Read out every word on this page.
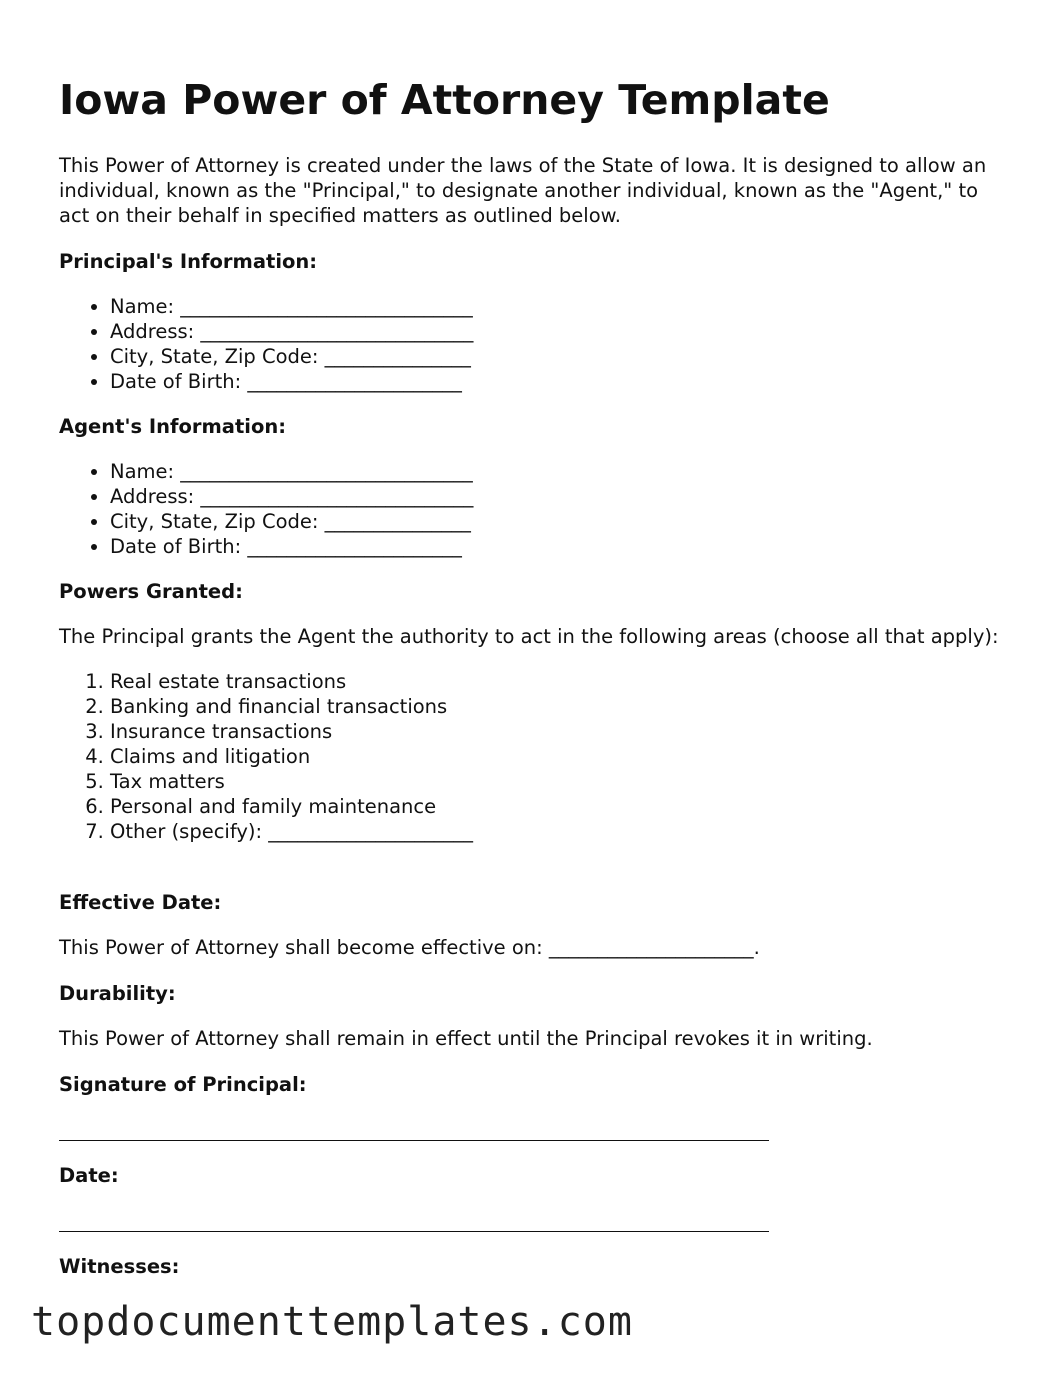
Iowa Power of Attorney Template
This Power of Attorney is created under the laws of the State of Iowa. It is designed to allow an individual, known as the "Principal," to designate another individual, known as the "Agent," to act on their behalf in specified matters as outlined below.
Principal's Information:
• Name: ______________________________
• Address: ____________________________
• City, State, Zip Code: _______________
• Date of Birth: ______________________
Agent's Information:
• Name: ______________________________
• Address: ____________________________
• City, State, Zip Code: _______________
• Date of Birth: ______________________
Powers Granted:
The Principal grants the Agent the authority to act in the following areas (choose all that apply):
1. Real estate transactions
2. Banking and financial transactions
3. Insurance transactions
4. Claims and litigation
5. Tax matters
6. Personal and family maintenance
7. Other (specify): _____________________
Effective Date:
This Power of Attorney shall become effective on: _____________________.
Durability:
This Power of Attorney shall remain in effect until the Principal revokes it in writing.
Signature of Principal:
Date:
Witnesses:
topdocumenttemplates.com
